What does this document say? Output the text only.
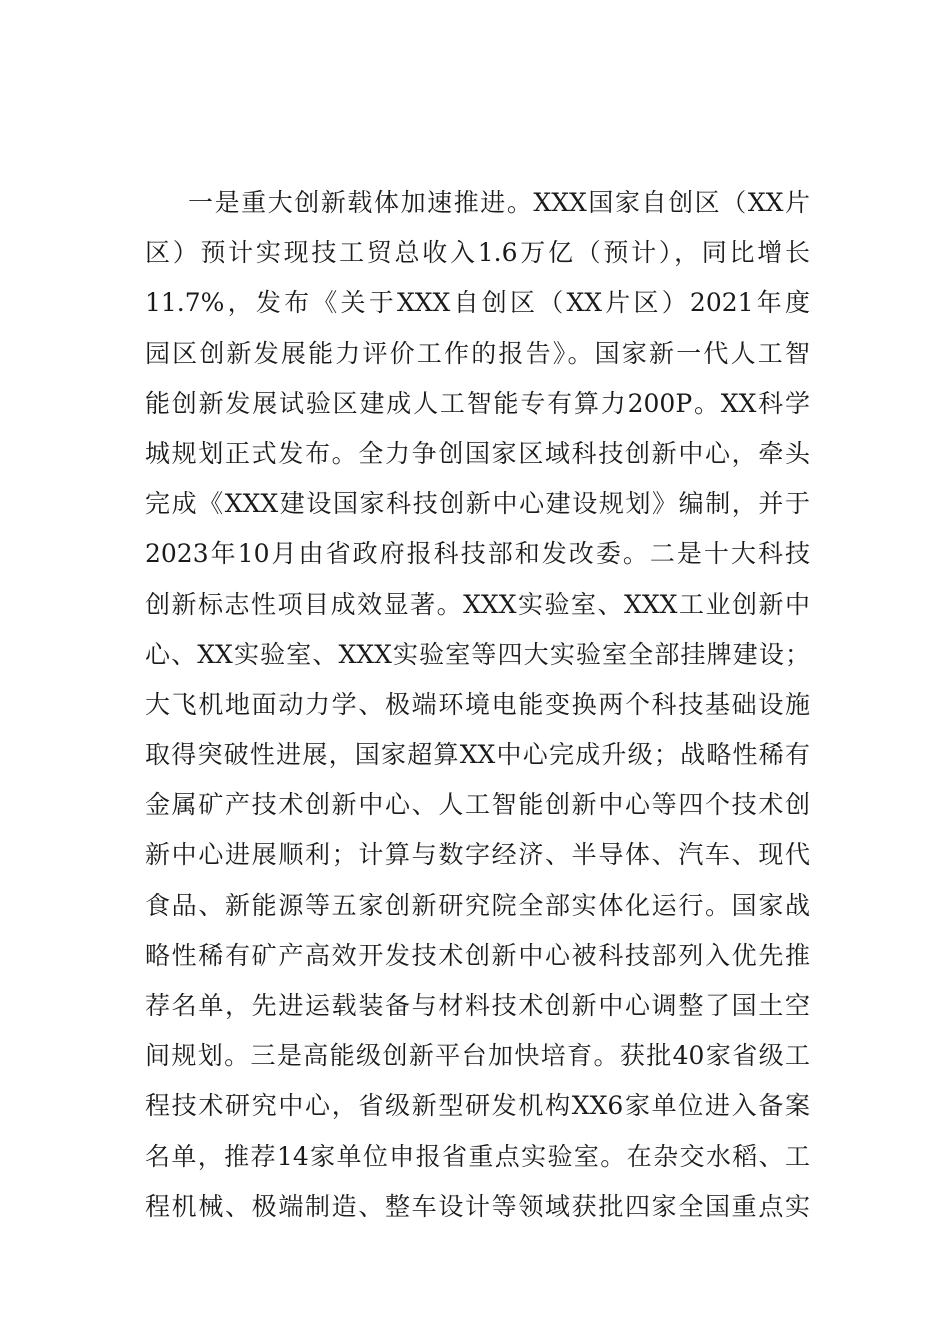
一是重大创新载体加速推进。XXX国家自创区（XX片
区）预计实现技工贸总收入1.6万亿（预计），同比增长
11.7%，发布《关于XXX自创区（XX片区）2021年度
园区创新发展能力评价工作的报告》。国家新一代人工智
能创新发展试验区建成人工智能专有算力200P。XX科学
城规划正式发布。全力争创国家区域科技创新中心，牵头
完成《XXX建设国家科技创新中心建设规划》编制，并于
2023年10月由省政府报科技部和发改委。二是十大科技
创新标志性项目成效显著。XXX实验室、XXX工业创新中
心、XX实验室、XXX实验室等四大实验室全部挂牌建设；
大飞机地面动力学、极端环境电能变换两个科技基础设施
取得突破性进展，国家超算XX中心完成升级；战略性稀有
金属矿产技术创新中心、人工智能创新中心等四个技术创
新中心进展顺利；计算与数字经济、半导体、汽车、现代
食品、新能源等五家创新研究院全部实体化运行。国家战
略性稀有矿产高效开发技术创新中心被科技部列入优先推
荐名单，先进运载装备与材料技术创新中心调整了国土空
间规划。三是高能级创新平台加快培育。获批40家省级工
程技术研究中心，省级新型研发机构XX6家单位进入备案
名单，推荐14家单位申报省重点实验室。在杂交水稻、工
程机械、极端制造、整车设计等领域获批四家全国重点实
